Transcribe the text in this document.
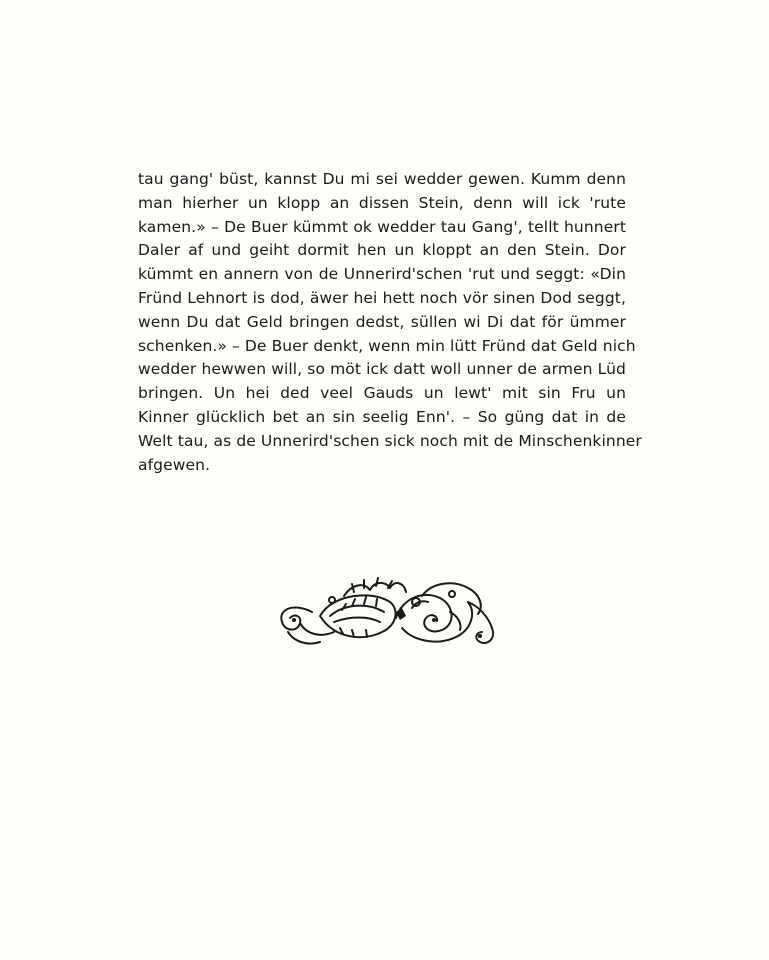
tau gang' büst, kannst Du mi sei wedder gewen. Kumm denn
man hierher un klopp an dissen Stein, denn will ick 'rute
kamen.» – De Buer kümmt ok wedder tau Gang', tellt hunnert
Daler af und geiht dormit hen un kloppt an den Stein. Dor
kümmt en annern von de Unnerird'schen 'rut und seggt: «Din
Fründ Lehnort is dod, äwer hei hett noch vör sinen Dod seggt,
wenn Du dat Geld bringen dedst, süllen wi Di dat för ümmer
schenken.» – De Buer denkt, wenn min lütt Fründ dat Geld nich
wedder hewwen will, so möt ick datt woll unner de armen Lüd
bringen. Un hei ded veel Gauds un lewt' mit sin Fru un
Kinner glücklich bet an sin seelig Enn'. – So güng dat in de
Welt tau, as de Unnerird'schen sick noch mit de Minschenkinner
afgewen.
